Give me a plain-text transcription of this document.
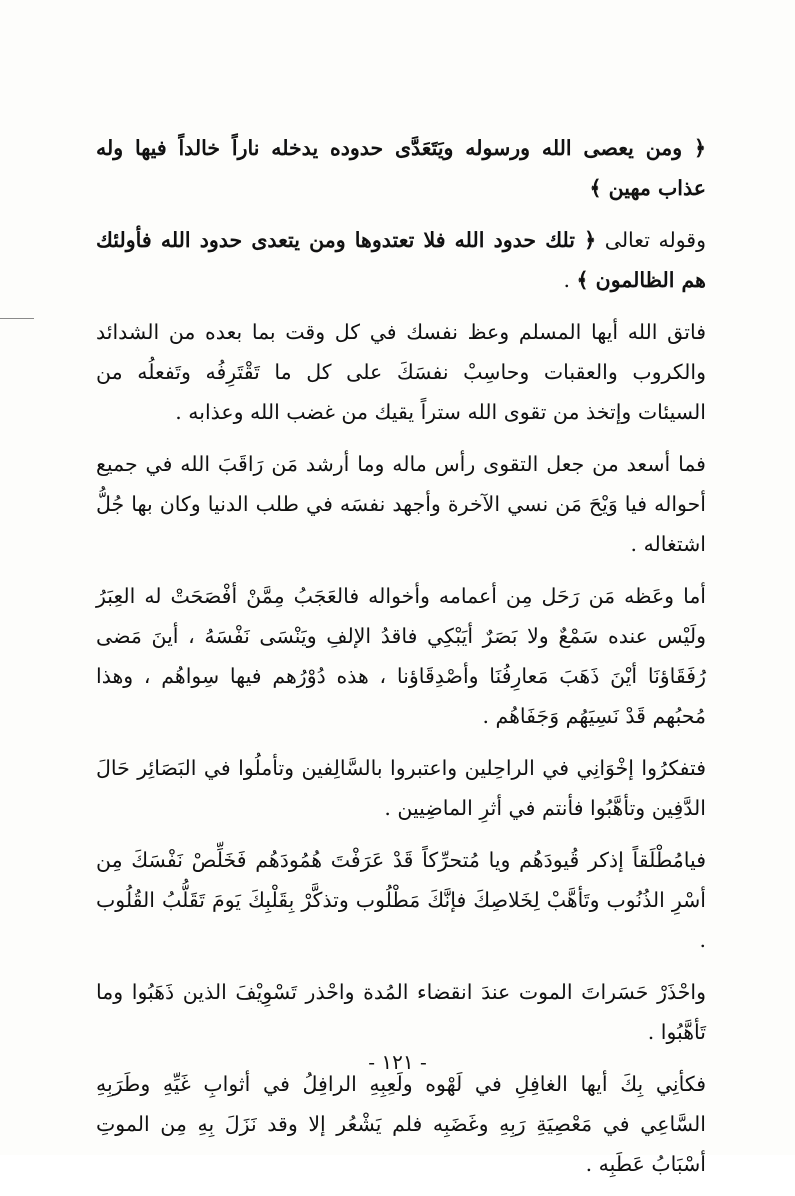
﴿ ومن يعصى الله ورسوله ويَتَعَدَّى حدوده يدخله ناراً خالداً فيها وله عذاب مهين ﴾

وقوله تعالى ﴿ تلك حدود الله فلا تعتدوها ومن يتعدى حدود الله فأولئك هم الظالمون ﴾ .

فاتق الله أيها المسلم وعظ نفسك في كل وقت بما بعده من الشدائد والكروب والعقبات وحاسِبْ نفسَكَ على كل ما تَقْتَرِفُه وتَفعلُه من السيئات وإتخذ من تقوى الله ستراً يقيك من غضب الله وعذابه .

فما أسعد من جعل التقوى رأس ماله وما أرشد مَن رَاقَبَ الله في جميع أحواله فيا وَيْحَ مَن نسي الآخرة وأجهد نفسَه في طلب الدنيا وكان بها جُلُّ اشتغاله .

أما وعَظه مَن رَحَل مِن أعمامه وأخواله فالعَجَبُ مِمَّنْ أفْصَحَتْ له العِبَرُ ولَيْس عنده سَمْعٌ ولا بَصَرٌ أيَبْكِي فاقدُ الإلفِ ويَنْسَى نَفْسَهُ ، أينَ مَضى رُفَقَاؤنَا أيْنَ ذَهَبَ مَعارِفُنَا وأصْدِقَاؤنا ، هذه دُوْرُهم فيها سِواهُم ، وهذا مُحبُهم قَدْ نَسِيَهُم وَجَفَاهُم .

فتفكرُوا إخْوَانِي في الراحِلين واعتبروا بالسَّالِفين وتأملُوا في البَصَائِر حَالَ الدَّفِين وتأهَّبُوا فأنتم في أثرِ الماضِيين .

فيامُطْلَقاً إذكر قُيودَهُم ويا مُتحرِّكاً قَدْ عَرَفْتَ هُمُودَهُم فَخَلِّصْ نَفْسَكَ مِن أسْرِ الذُنُوب وتَأهَّبْ لِخَلاصِكَ فإنَّكَ مَطْلُوب وتذكَّرْ بِقَلْبِكَ يَومَ تَقَلُّبُ القُلُوب .

واحْذَرْ حَسَراتَ الموت عندَ انقضاء المُدة واحْذر تَسْوِيْفَ الذين ذَهَبُوا وما تَأهَّبُوا .

فكأنِي بِكَ أيها الغافِلِ في لَهْوه ولَعِبِهِ الرافِلُ في أثوابِ غَيِّهِ وطَرَبِهِ السَّاعِي في مَعْصِيَةِ رَبِهِ وغَضَبِه فلم يَشْعُر إلا وقد نَزَلَ بِهِ مِن الموتِ أسْبَابُ عَطَبِه .

- ١٢١ -
